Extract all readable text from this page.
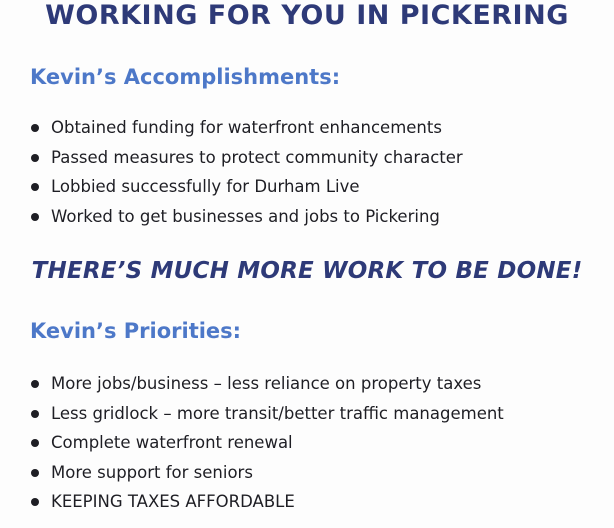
WORKING FOR YOU IN PICKERING
Kevin’s Accomplishments:
Obtained funding for waterfront enhancements
Passed measures to protect community character
Lobbied successfully for Durham Live
Worked to get businesses and jobs to Pickering
THERE’S MUCH MORE WORK TO BE DONE!
Kevin’s Priorities:
More jobs/business – less reliance on property taxes
Less gridlock – more transit/better traffic management
Complete waterfront renewal
More support for seniors
KEEPING TAXES AFFORDABLE
